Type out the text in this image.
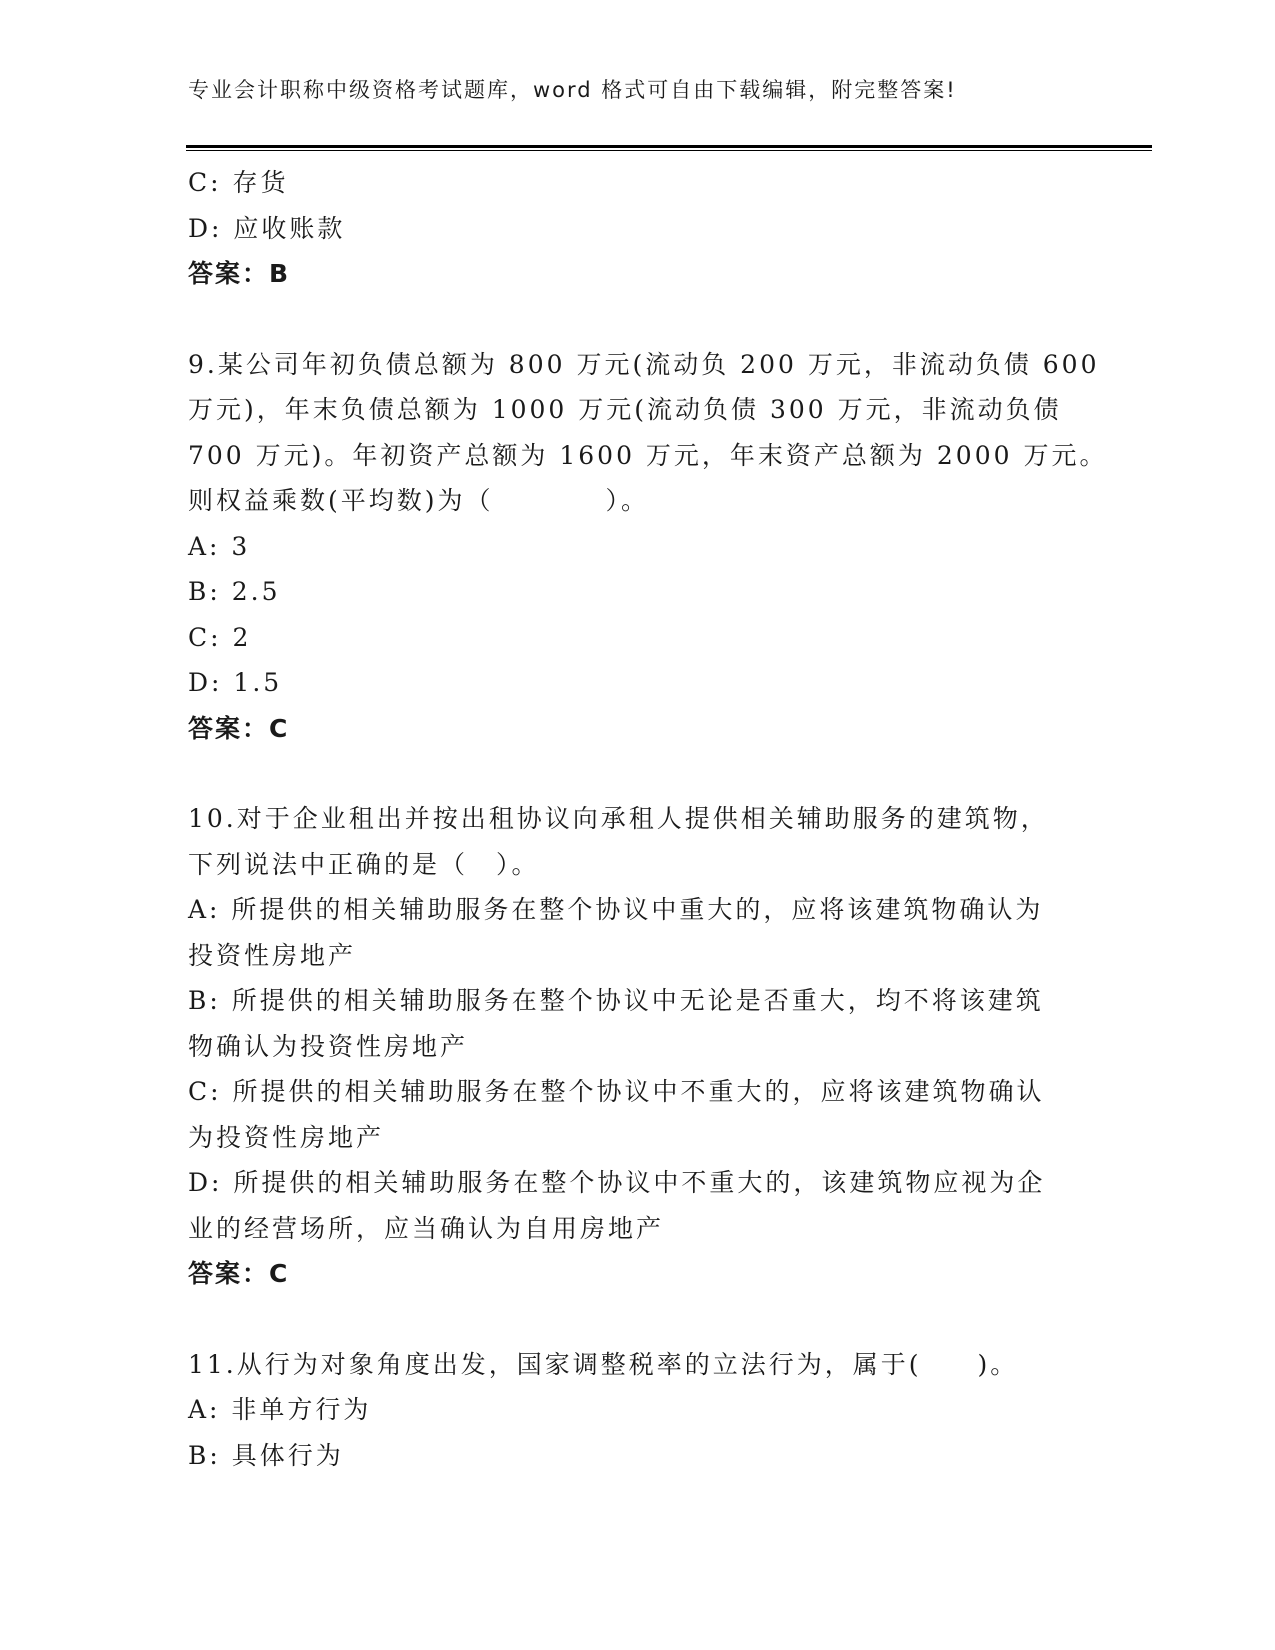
专业会计职称中级资格考试题库，word 格式可自由下载编辑，附完整答案!
C: 存货
D: 应收账款
答案：B
9.某公司年初负债总额为 800 万元(流动负 200 万元，非流动负债 600
万元)，年末负债总额为 1000 万元(流动负债 300 万元，非流动负债
700 万元)。年初资产总额为 1600 万元，年末资产总额为 2000 万元。
则权益乘数(平均数)为（　　　　）。
A: 3
B: 2.5
C: 2
D: 1.5
答案：C
10.对于企业租出并按出租协议向承租人提供相关辅助服务的建筑物，
下列说法中正确的是（　）。
A: 所提供的相关辅助服务在整个协议中重大的，应将该建筑物确认为
投资性房地产
B: 所提供的相关辅助服务在整个协议中无论是否重大，均不将该建筑
物确认为投资性房地产
C: 所提供的相关辅助服务在整个协议中不重大的，应将该建筑物确认
为投资性房地产
D: 所提供的相关辅助服务在整个协议中不重大的，该建筑物应视为企
业的经营场所，应当确认为自用房地产
答案：C
11.从行为对象角度出发，国家调整税率的立法行为，属于(　　)。
A: 非单方行为
B: 具体行为
